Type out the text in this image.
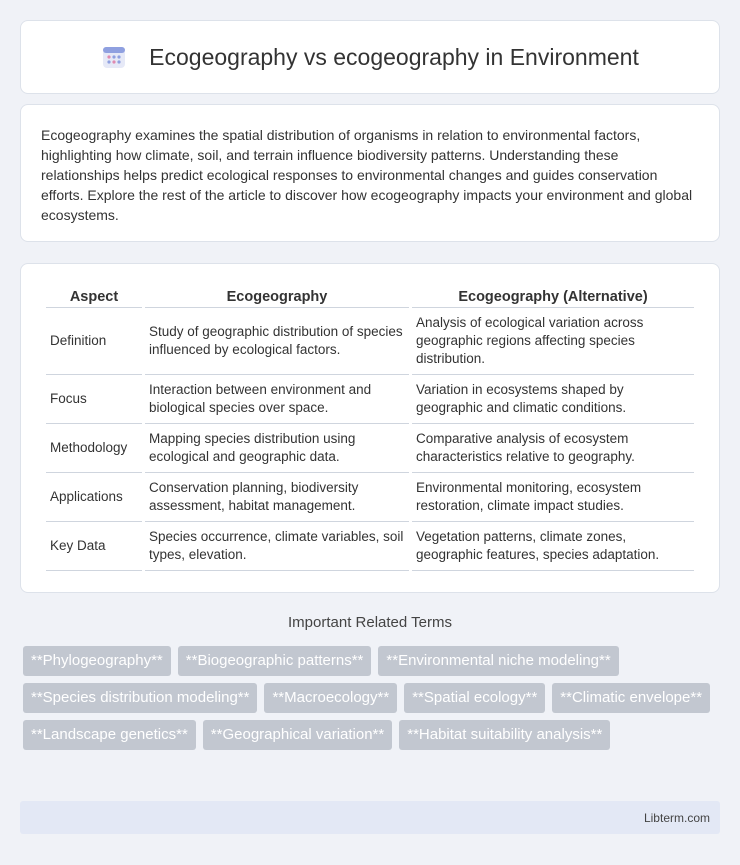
Ecogeography vs ecogeography in Environment

Ecogeography examines the spatial distribution of organisms in relation to environmental factors, highlighting how climate, soil, and terrain influence biodiversity patterns. Understanding these relationships helps predict ecological responses to environmental changes and guides conservation efforts. Explore the rest of the article to discover how ecogeography impacts your environment and global ecosystems.

Aspect	Ecogeography	Ecogeography (Alternative)
Definition	Study of geographic distribution of species influenced by ecological factors.	Analysis of ecological variation across geographic regions affecting species distribution.
Focus	Interaction between environment and biological species over space.	Variation in ecosystems shaped by geographic and climatic conditions.
Methodology	Mapping species distribution using ecological and geographic data.	Comparative analysis of ecosystem characteristics relative to geography.
Applications	Conservation planning, biodiversity assessment, habitat management.	Environmental monitoring, ecosystem restoration, climate impact studies.
Key Data	Species occurrence, climate variables, soil types, elevation.	Vegetation patterns, climate zones, geographic features, species adaptation.
Important Related Terms
**Phylogeography**	**Biogeographic patterns**	**Environmental niche modeling**
**Species distribution modeling**	**Macroecology**	**Spatial ecology**	**Climatic envelope**
**Landscape genetics**	**Geographical variation**	**Habitat suitability analysis**
Libterm.com
